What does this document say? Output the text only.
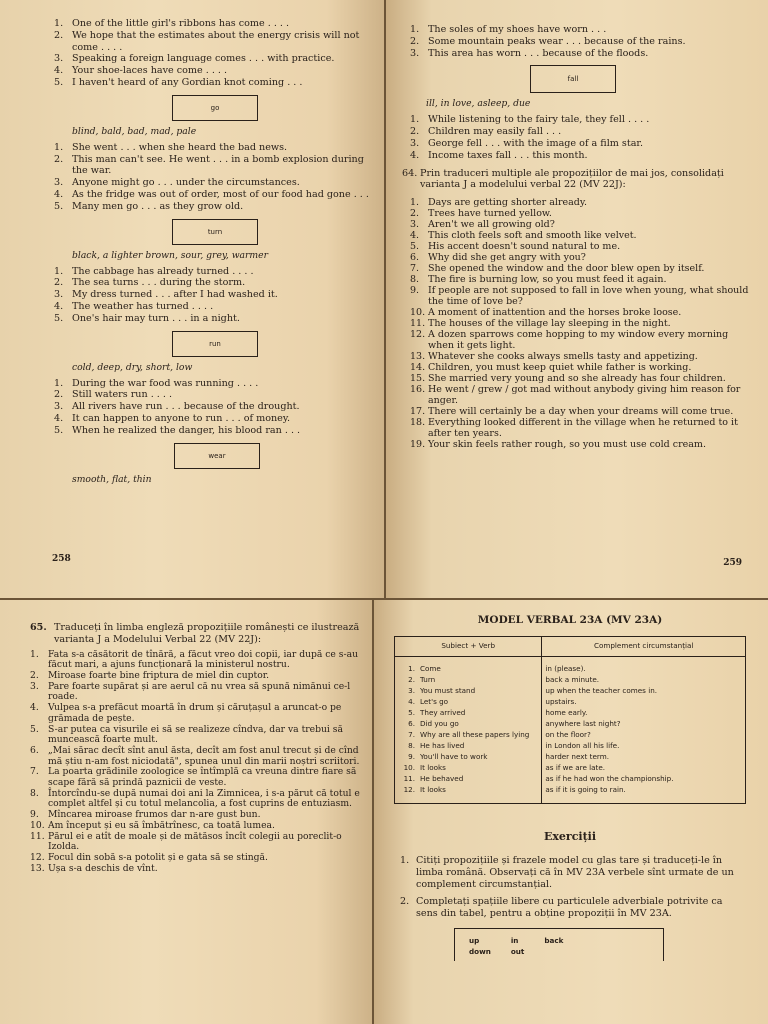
1. One of the little girl's ribbons has come . . . .
2. We hope that the estimates about the energy crisis will not come . . . .
3. Speaking a foreign language comes . . . with practice.
4. Your shoe-laces have come . . . .
5. I haven't heard of any Gordian knot coming . . .
go
blind, bald, bad, mad, pale
1. She went . . . when she heard the bad news.
2. This man can't see. He went . . . in a bomb explosion during the war.
3. Anyone might go . . . under the circumstances.
4. As the fridge was out of order, most of our food had gone . . .
5. Many men go . . . as they grow old.
turn
black, a lighter brown, sour, grey, warmer
1. The cabbage has already turned . . . .
2. The sea turns . . . during the storm.
3. My dress turned . . . after I had washed it.
4. The weather has turned . . . .
5. One's hair may turn . . . in a night.
run
cold, deep, dry, short, low
1. During the war food was running . . . .
2. Still waters run . . . .
3. All rivers have run . . . because of the drought.
4. It can happen to anyone to run . . . of money.
5. When he realized the danger, his blood ran . . .
wear
smooth, flat, thin
258
1. The soles of my shoes have worn . . .
2. Some mountain peaks wear . . . because of the rains.
3. This area has worn . . . because of the floods.
fall
ill, in love, asleep, due
1. While listening to the fairy tale, they fell . . . .
2. Children may easily fall . . .
3. George fell . . . with the image of a film star.
4. Income taxes fall . . . this month.
64. Prin traduceri multiple ale propozițiilor de mai jos, consolidați varianta J a modelului verbal 22 (MV 22J):
1. Days are getting shorter already.
2. Trees have turned yellow.
3. Aren't we all growing old?
4. This cloth feels soft and smooth like velvet.
5. His accent doesn't sound natural to me.
6. Why did she get angry with you?
7. She opened the window and the door blew open by itself.
8. The fire is burning low, so you must feed it again.
9. If people are not supposed to fall in love when young, what should the time of love be?
10. A moment of inattention and the horses broke loose.
11. The houses of the village lay sleeping in the night.
12. A dozen sparrows come hopping to my window every morning when it gets light.
13. Whatever she cooks always smells tasty and appetizing.
14. Children, you must keep quiet while father is working.
15. She married very young and so she already has four children.
16. He went / grew / got mad without anybody giving him reason for anger.
17. There will certainly be a day when your dreams will come true.
18. Everything looked different in the village when he returned to it after ten years.
19. Your skin feels rather rough, so you must use cold cream.
259
65. Traduceți în limba engleză propozițiile românești ce ilustrează varianta J a Modelului Verbal 22 (MV 22J):
1. Fata s-a căsătorit de tînără, a făcut vreo doi copii, iar după ce s-au făcut mari, a ajuns funcționară la ministerul nostru.
2. Miroase foarte bine friptura de miel din cuptor.
3. Pare foarte supărat și are aerul că nu vrea să spună nimănui ce-l roade.
4. Vulpea s-a prefăcut moartă în drum și căruțașul a aruncat-o pe grămada de pește.
5. S-ar putea ca visurile ei să se realizeze cîndva, dar va trebui să muncească foarte mult.
6. „Mai sărac decît sînt anul ăsta, decît am fost anul trecut și de cînd mă știu n-am fost niciodată", spunea unul din marii noștri scriitori.
7. La poarta grădinile zoologice se întîmplă ca vreuna dintre fiare să scape fără să prindă paznicii de veste.
8. Întorcîndu-se după numai doi ani la Zimnicea, i s-a părut că totul e complet altfel și cu totul melancolia, a fost cuprins de entuziasm.
9. Mîncarea miroase frumos dar n-are gust bun.
10. Am început și eu să îmbătrînesc, ca toată lumea.
11. Părul ei e atît de moale și de mătăsos încît colegii au poreclit-o Izolda.
12. Focul din sobă s-a potolit și e gata să se stingă.
13. Ușa s-a deschis de vînt.
MODEL VERBAL 23A (MV 23A)
Subiect + Verb	Complement circumstanțial
1. Come	in (please).
2. Turn	back a minute.
3. You must stand	up when the teacher comes in.
4. Let's go	upstairs.
5. They arrived	home early.
6. Did you go	anywhere last night?
7. Why are all these papers lying	on the floor?
8. He has lived	in London all his life.
9. You'll have to work	harder next term.
10. It looks	as if we are late.
11. He behaved	as if he had won the championship.
12. It looks	as if it is going to rain.
Exerciții
1. Citiți propozițiile și frazele model cu glas tare și traduceți-le în limba română. Observați că în MV 23A verbele sînt urmate de un complement circumstanțial.
2. Completați spațiile libere cu particulele adverbiale potrivite ca sens din tabel, pentru a obține propoziții în MV 23A.
up	in	back
down	out	
